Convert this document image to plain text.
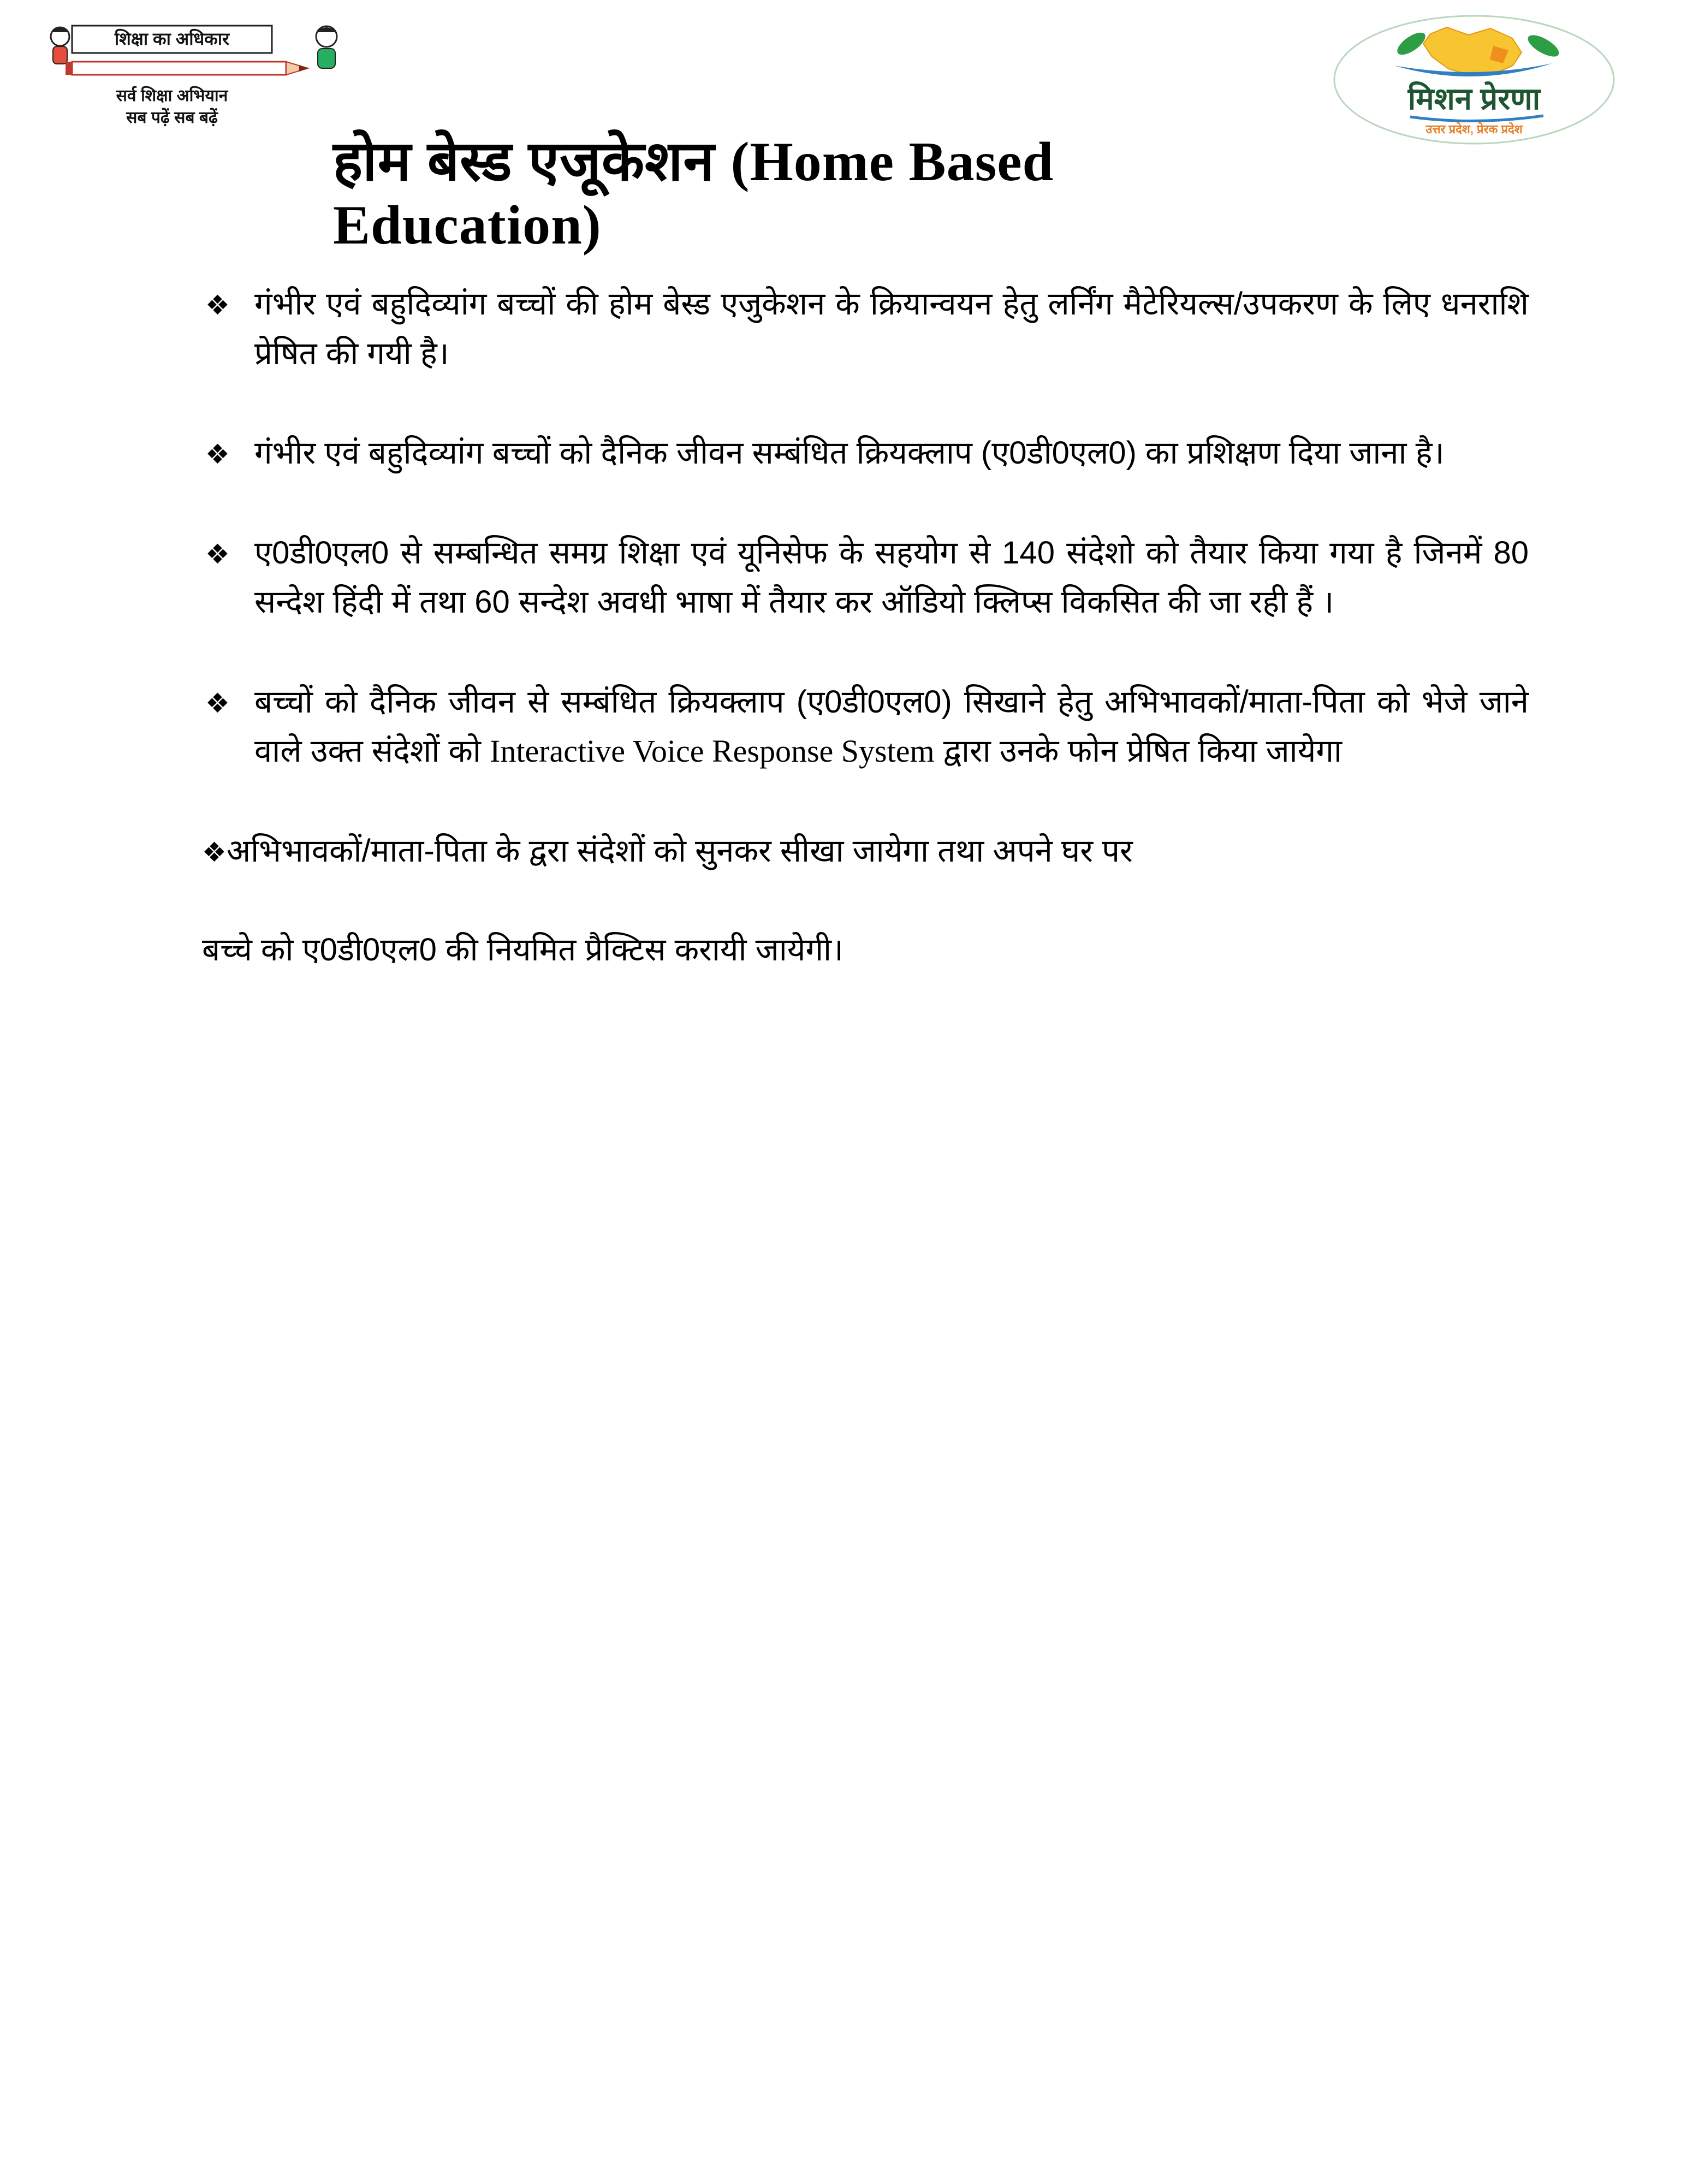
शिक्षा का अधिकार
सर्व शिक्षा अभियान
सब पढ़ें सब बढ़ें
मिशन प्रेरणा
उत्तर प्रदेश, प्रेरक प्रदेश
होम बेस्ड एजूकेशन (Home Based
Education)
❖ गंभीर एवं बहुदिव्यांग बच्चों की होम बेस्ड एजुकेशन के क्रियान्वयन हेतु लर्निंग मैटेरियल्स/उपकरण के लिए धनराशि प्रेषित की गयी है।
❖ गंभीर एवं बहुदिव्यांग बच्चों को दैनिक जीवन सम्बंधित क्रियक्लाप (ए0डी0एल0) का प्रशिक्षण दिया जाना है।
❖ ए0डी0एल0 से सम्बन्धित समग्र शिक्षा एवं यूनिसेफ के सहयोग से 140 संदेशो को तैयार किया गया है जिनमें 80 सन्देश हिंदी में तथा 60 सन्देश अवधी भाषा में तैयार कर ऑडियो क्लिप्स विकसित की जा रही हैं ।
❖ बच्चों को दैनिक जीवन से सम्बंधित क्रियक्लाप (ए0डी0एल0) सिखाने हेतु अभिभावकों/माता-पिता को भेजे जाने वाले उक्त संदेशों को Interactive Voice Response System द्वारा उनके फोन प्रेषित किया जायेगा
❖अभिभावकों/माता-पिता के द्वरा संदेशों को सुनकर सीखा जायेगा तथा अपने घर पर

बच्चे को ए0डी0एल0 की नियमित प्रैक्टिस करायी जायेगी।
